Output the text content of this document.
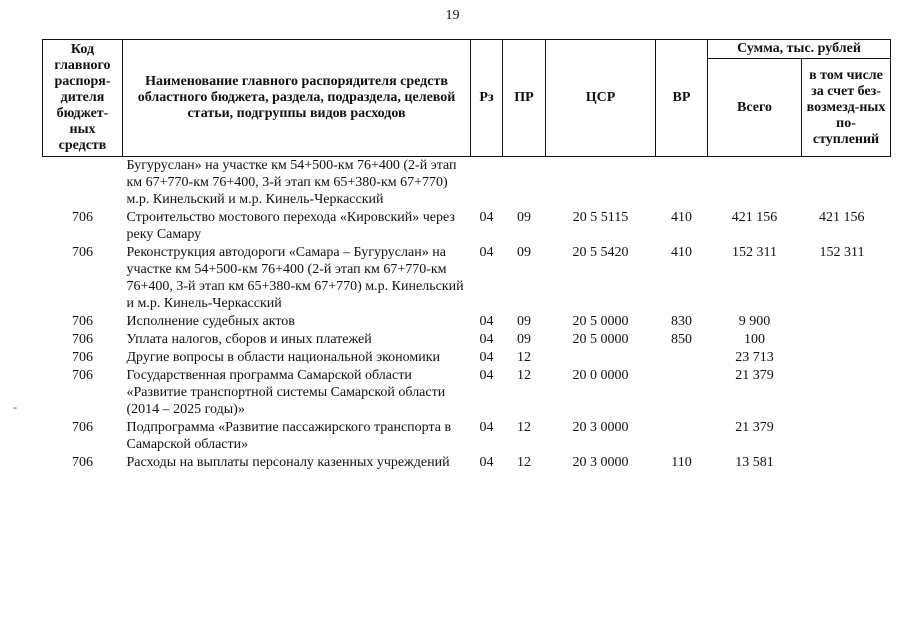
19
-
Код главного распоря-дителя бюджет-ных средств	Наименование главного распорядителя средств областного бюджета, раздела, подраздела, целевой статьи, подгруппы видов расходов	Рз	ПР	ЦСР	ВР	Сумма, тыс. рублей	
						Всего	в том числе за счет без-возмезд-ных по-ступлений
	Бугуруслан» на участке км 54+500-км 76+400 (2-й этап км 67+770-км 76+400, 3-й этап км 65+380-км 67+770) м.р. Кинельский и м.р. Кинель-Черкасский						
706	Строительство мостового перехода «Кировский» через реку Самару	04	09	20 5 5115	410	421 156	421 156
706	Реконструкция автодороги «Самара – Бугуруслан» на участке км 54+500-км 76+400 (2-й этап км 67+770-км 76+400, 3-й этап км 65+380-км 67+770) м.р. Кинельский и м.р. Кинель-Черкасский	04	09	20 5 5420	410	152 311	152 311
706	Исполнение судебных актов	04	09	20 5 0000	830	9 900	
706	Уплата налогов, сборов и иных платежей	04	09	20 5 0000	850	100	
706	Другие вопросы в области национальной экономики	04	12			23 713	
706	Государственная программа Самарской области «Развитие транспортной системы Самарской области (2014 – 2025 годы)»	04	12	20 0 0000		21 379	
706	Подпрограмма «Развитие пассажирского транспорта в Самарской области»	04	12	20 3 0000		21 379	
706	Расходы на выплаты персоналу казенных учреждений	04	12	20 3 0000	110	13 581	
